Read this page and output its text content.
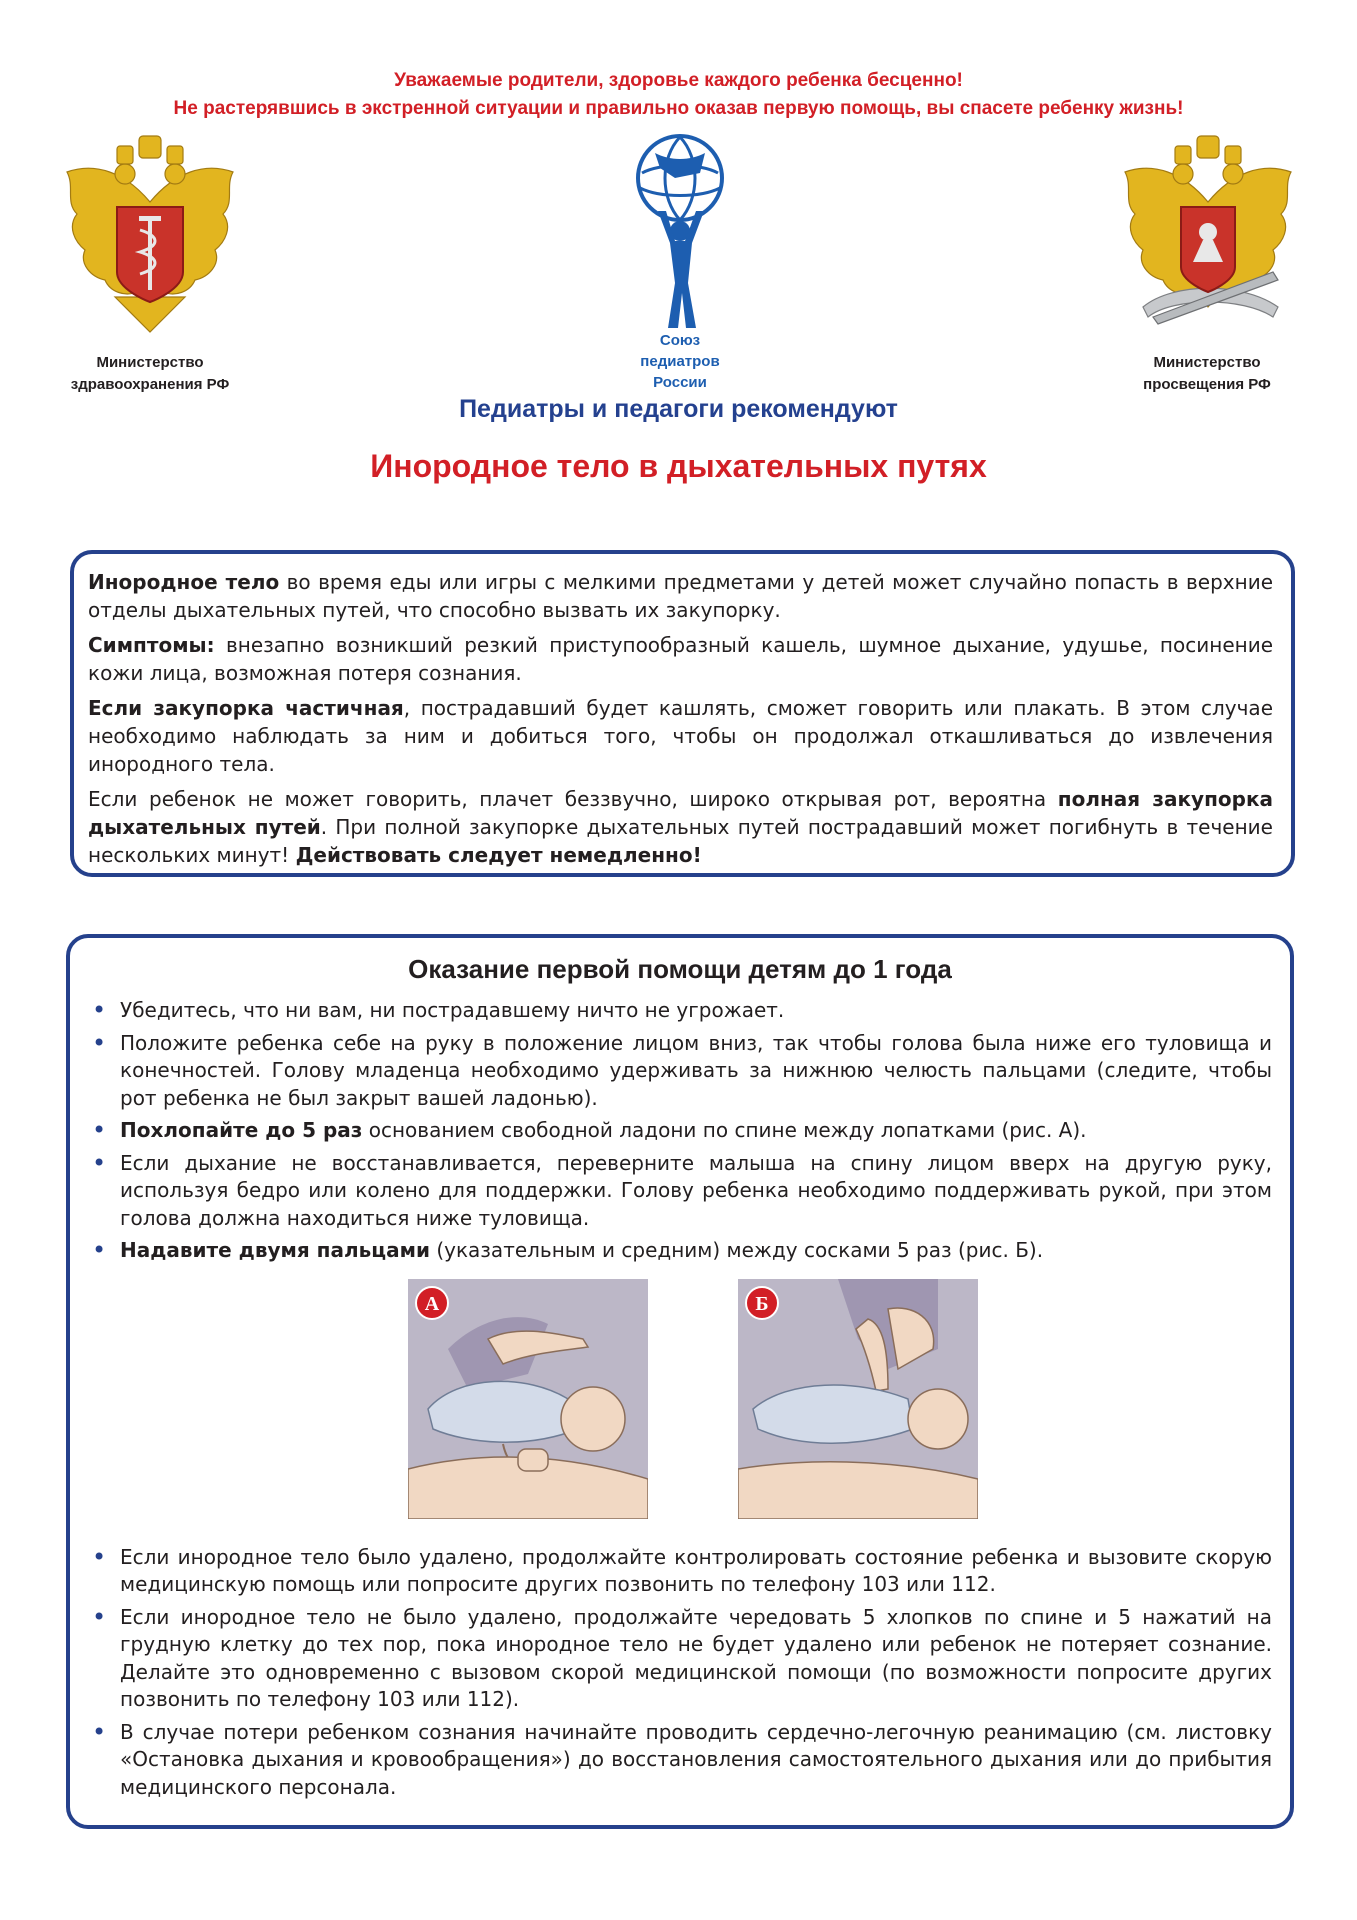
Уважаемые родители, здоровье каждого ребенка бесценно!
Не растерявшись в экстренной ситуации и правильно оказав первую помощь, вы спасете ребенку жизнь!
Министерство
здравоохранения РФ
Союз
педиатров
России
Министерство
просвещения РФ
Педиатры и педагоги рекомендуют
Инородное тело в дыхательных путях

Инородное тело во время еды или игры с мелкими предметами у детей может случайно попасть в верхние отделы дыхательных путей, что способно вызвать их закупорку.

Симптомы: внезапно возникший резкий приступообразный кашель, шумное дыхание, удушье, посинение кожи лица, возможная потеря сознания.

Если закупорка частичная, пострадавший будет кашлять, сможет говорить или плакать. В этом случае необходимо наблюдать за ним и добиться того, чтобы он продолжал откашливаться до извлечения инородного тела.

Если ребенок не может говорить, плачет беззвучно, широко открывая рот, вероятна полная закупорка дыхательных путей. При полной закупорке дыхательных путей пострадавший может погибнуть в течение нескольких минут! Действовать следует немедленно!

Оказание первой помощи детям до 1 года
• Убедитесь, что ни вам, ни пострадавшему ничто не угрожает.
• Положите ребенка себе на руку в положение лицом вниз, так чтобы голова была ниже его туловища и конечностей. Голову младенца необходимо удерживать за нижнюю челюсть пальцами (следите, чтобы рот ребенка не был закрыт вашей ладонью).
• Похлопайте до 5 раз основанием свободной ладони по спине между лопатками (рис. А).
• Если дыхание не восстанавливается, переверните малыша на спину лицом вверх на другую руку, используя бедро или колено для поддержки. Голову ребенка необходимо поддерживать рукой, при этом голова должна находиться ниже туловища.
• Надавите двумя пальцами (указательным и средним) между сосками 5 раз (рис. Б).
А	Б
• Если инородное тело было удалено, продолжайте контролировать состояние ребенка и вызовите скорую медицинскую помощь или попросите других позвонить по телефону 103 или 112.
• Если инородное тело не было удалено, продолжайте чередовать 5 хлопков по спине и 5 нажатий на грудную клетку до тех пор, пока инородное тело не будет удалено или ребенок не потеряет сознание. Делайте это одновременно с вызовом скорой медицинской помощи (по возможности попросите других позвонить по телефону 103 или 112).
• В случае потери ребенком сознания начинайте проводить сердечно-легочную реанимацию (см. листовку «Остановка дыхания и кровообращения») до восстановления самостоятельного дыхания или до прибытия медицинского персонала.
